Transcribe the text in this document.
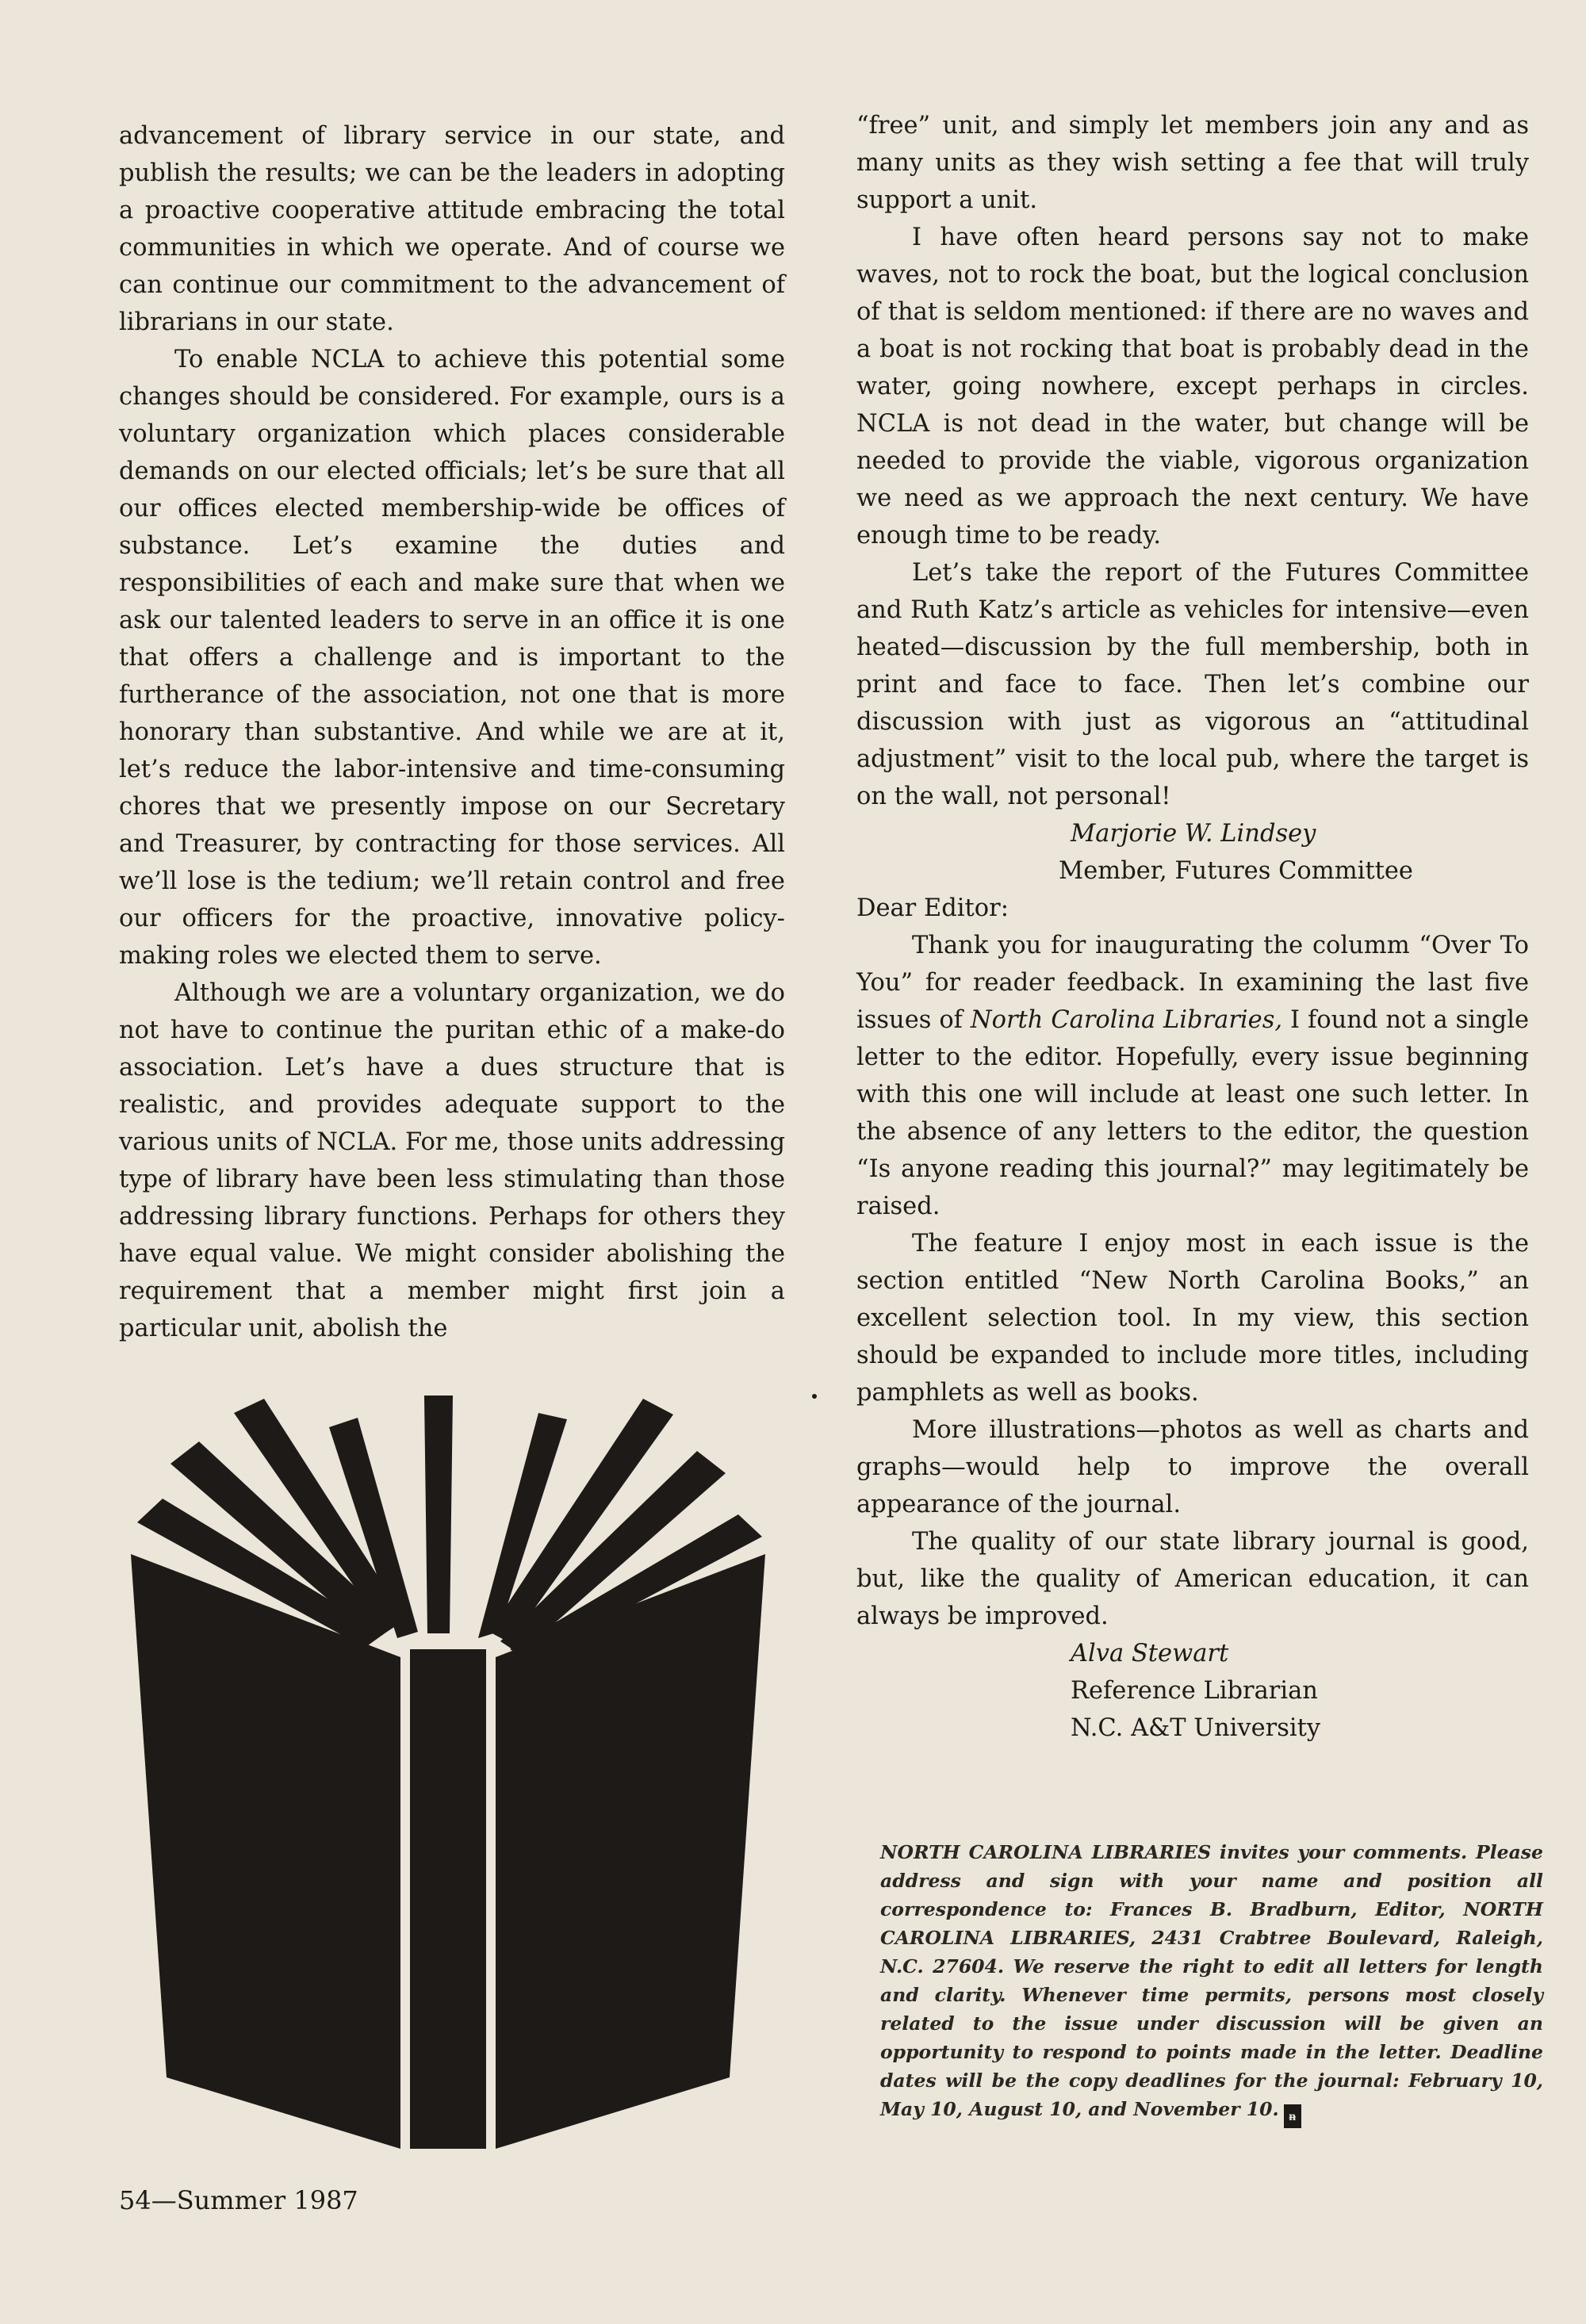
advancement of library service in our state, and publish the results; we can be the leaders in adopting a proactive cooperative attitude embracing the total communities in which we operate. And of course we can continue our commitment to the advancement of librarians in our state.

To enable NCLA to achieve this potential some changes should be considered. For example, ours is a voluntary organization which places considerable demands on our elected officials; let’s be sure that all our offices elected membership-wide be offices of substance. Let’s examine the duties and responsibilities of each and make sure that when we ask our talented leaders to serve in an office it is one that offers a challenge and is important to the furtherance of the association, not one that is more honorary than substantive. And while we are at it, let’s reduce the labor-intensive and time-consuming chores that we presently impose on our Secretary and Treasurer, by contracting for those services. All we’ll lose is the tedium; we’ll retain control and free our officers for the proactive, innovative policy-making roles we elected them to serve.

Although we are a voluntary organization, we do not have to continue the puritan ethic of a make-do association. Let’s have a dues structure that is realistic, and provides adequate support to the various units of NCLA. For me, those units addressing type of library have been less stimulating than those addressing library functions. Perhaps for others they have equal value. We might consider abolishing the requirement that a member might first join a particular unit, abolish the

“free” unit, and simply let members join any and as many units as they wish setting a fee that will truly support a unit.

I have often heard persons say not to make waves, not to rock the boat, but the logical conclusion of that is seldom mentioned: if there are no waves and a boat is not rocking that boat is probably dead in the water, going nowhere, except perhaps in circles. NCLA is not dead in the water, but change will be needed to provide the viable, vigorous organization we need as we approach the next century. We have enough time to be ready.

Let’s take the report of the Futures Committee and Ruth Katz’s article as vehicles for intensive—even heated—discussion by the full membership, both in print and face to face. Then let’s combine our discussion with just as vigorous an “attitudinal adjustment” visit to the local pub, where the target is on the wall, not personal!

Marjorie W. Lindsey

Member, Futures Committee

Dear Editor:

Thank you for inaugurating the columm “Over To You” for reader feedback. In examining the last five issues of North Carolina Libraries, I found not a single letter to the editor. Hopefully, every issue beginning with this one will include at least one such letter. In the absence of any letters to the editor, the question “Is anyone reading this journal?” may legitimately be raised.

The feature I enjoy most in each issue is the section entitled “New North Carolina Books,” an excellent selection tool. In my view, this section should be expanded to include more titles, including pamphlets as well as books.

More illustrations—photos as well as charts and graphs—would help to improve the overall appearance of the journal.

The quality of our state library journal is good, but, like the quality of American education, it can always be improved.

Alva Stewart

Reference Librarian

N.C. A&T University

NORTH CAROLINA LIBRARIES invites your comments. Please address and sign with your name and position all correspondence to: Frances B. Bradburn, Editor, NORTH CAROLINA LIBRARIES, 2431 Crabtree Boulevard, Raleigh, N.C. 27604. We reserve the right to edit all letters for length and clarity. Whenever time permits, persons most closely related to the issue under discussion will be given an opportunity to respond to points made in the letter. Deadline dates will be the copy deadlines for the journal: February 10, May 10, August 10, and November 10. ᵰ
54—Summer 1987
